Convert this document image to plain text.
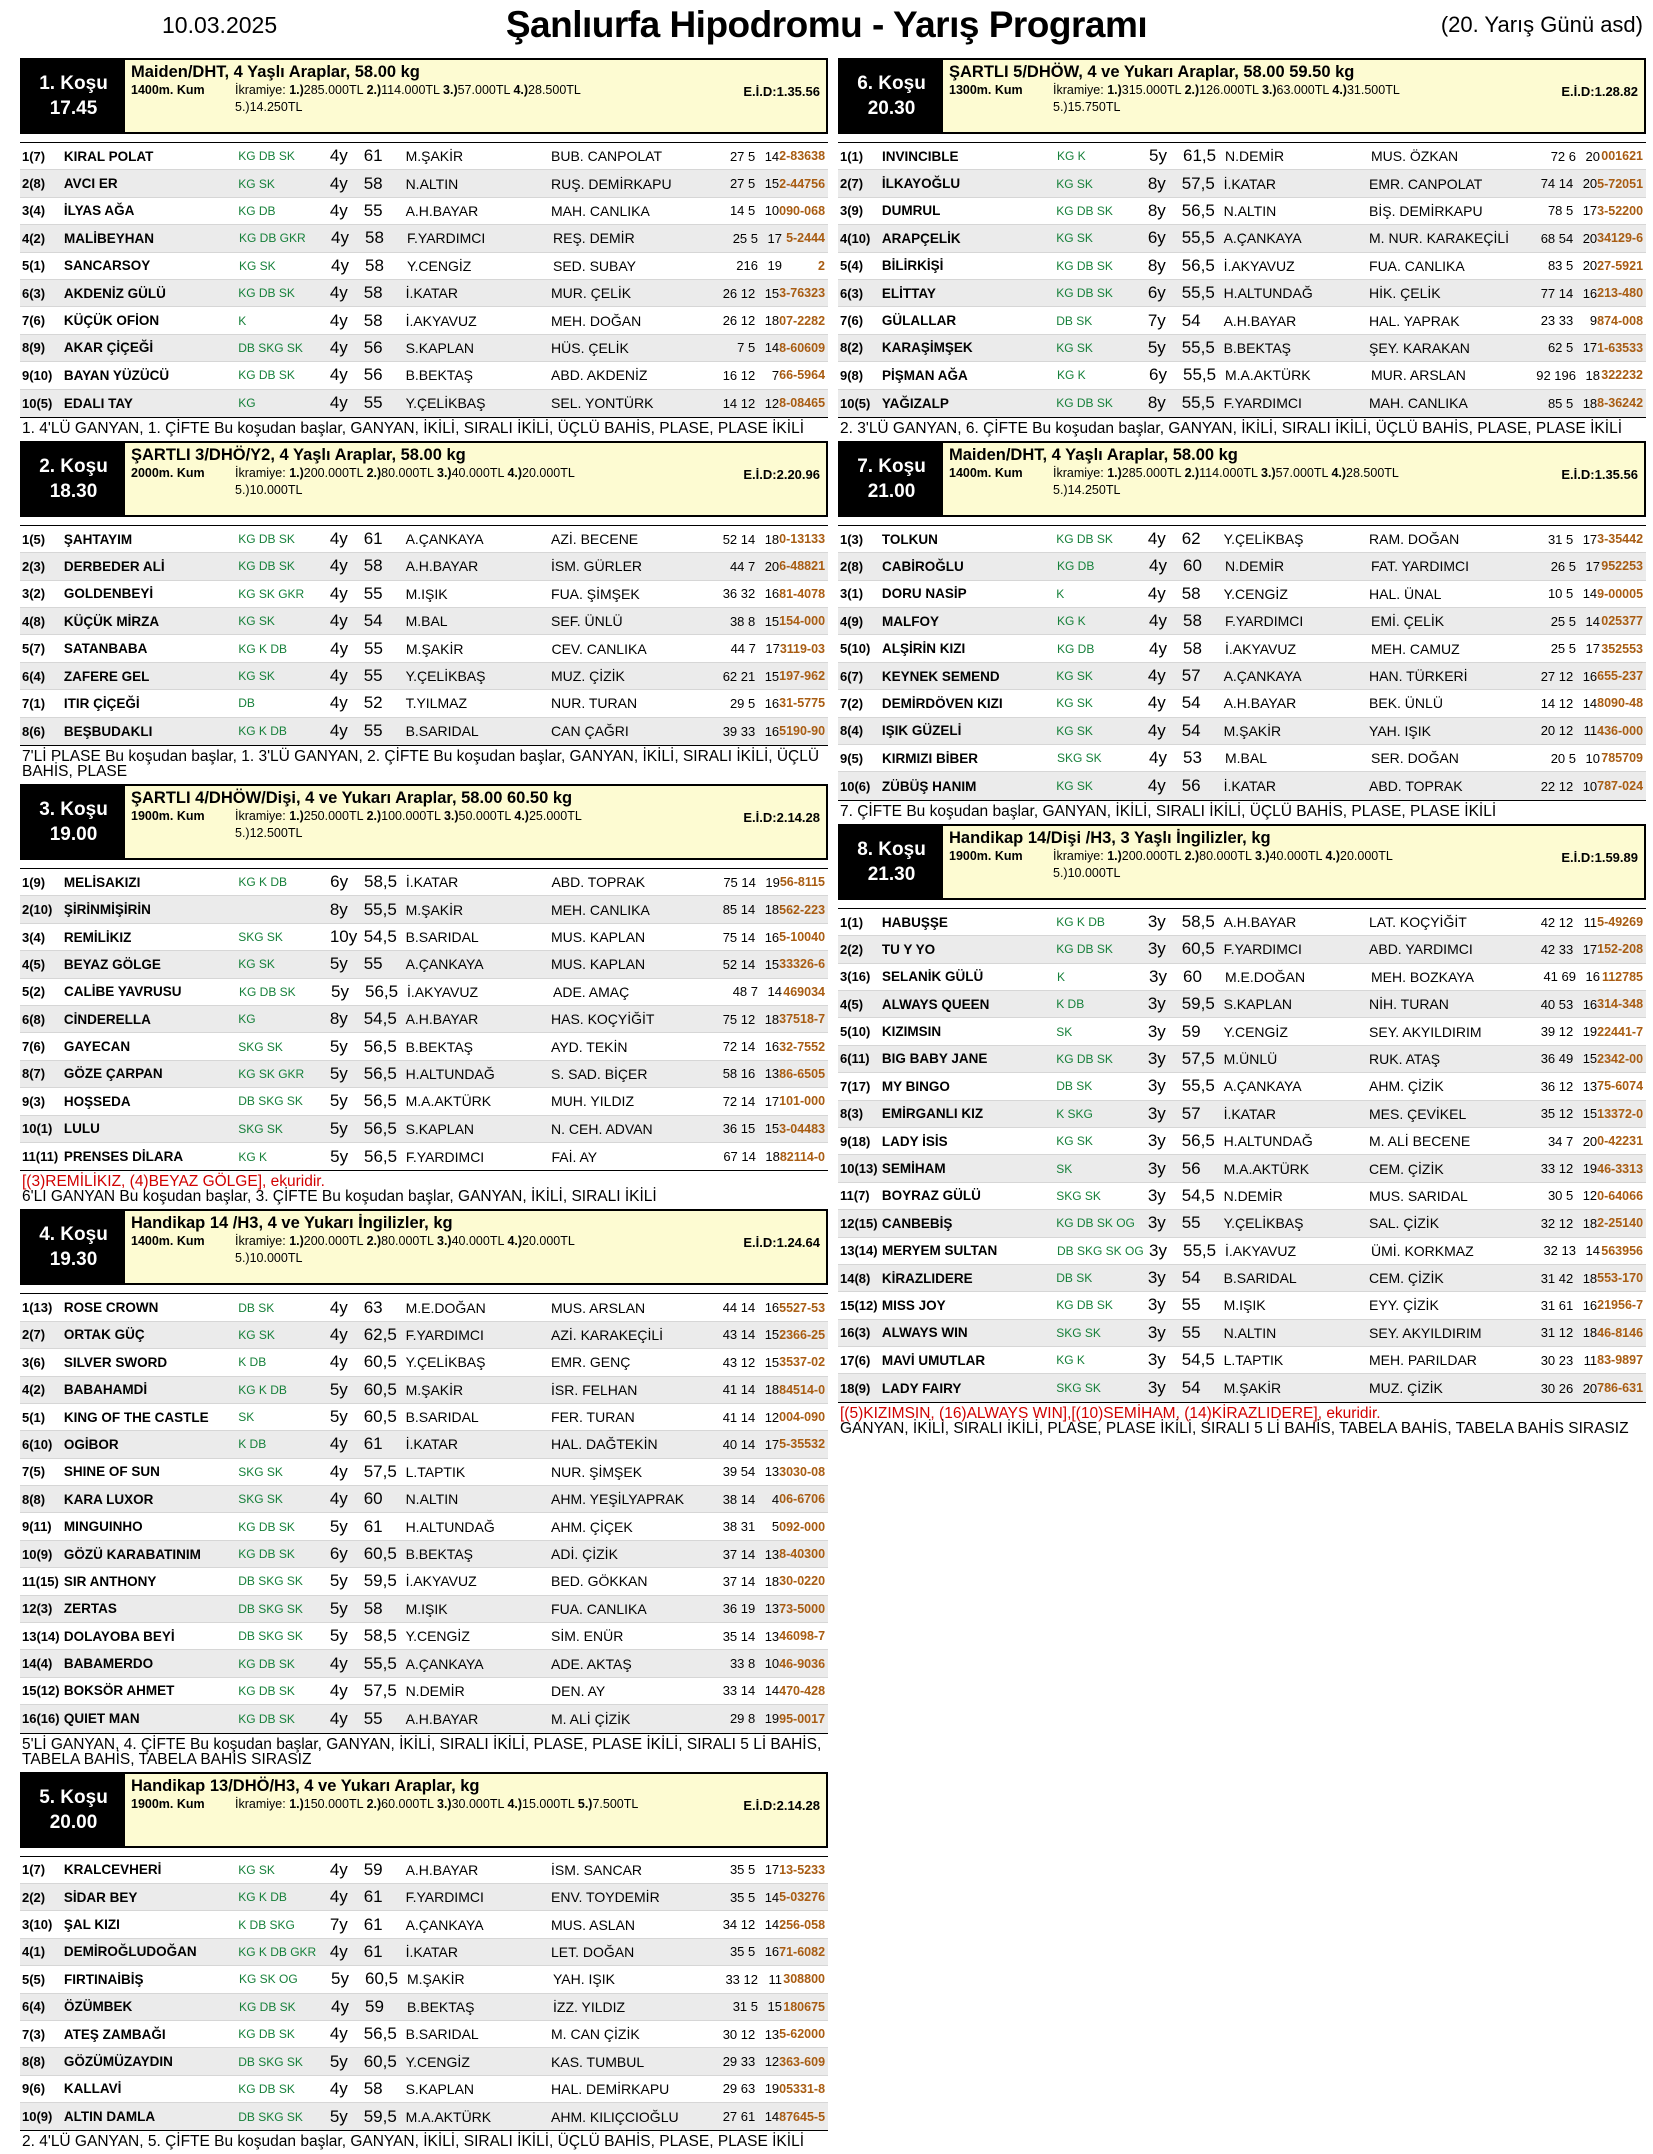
10.03.2025	Şanlıurfa Hipodromu - Yarış Programı	(20. Yarış Günü asd)
1. Koşu
17.45
Maiden/DHT, 4 Yaşlı Araplar, 58.00 kg
1400m. Kum İkramiye: 1.)285.000TL 2.)114.000TL 3.)57.000TL 4.)28.500TL
5.)14.250TL
E.İ.D:1.35.56
1(7)	KIRAL POLAT	KG DB SK	4y 61	M.ŞAKİR	BUB. CANPOLAT	27 5 14 2-83638
2(8)	AVCI ER	KG SK	4y 58	N.ALTIN	RUŞ. DEMİRKAPU	27 5 15 2-44756
3(4)	İLYAS AĞA	KG DB	4y 55	A.H.BAYAR	MAH. CANLIKA	14 5 10 090-068
4(2)	MALİBEYHAN	KG DB GKR	4y 58	F.YARDIMCI	REŞ. DEMİR	25 5 17 5-2444
5(1)	SANCARSOY	KG SK	4y 58	Y.CENGİZ	SED. SUBAY	216 19	2
6(3)	AKDENİZ GÜLÜ	KG DB SK	4y 58	İ.KATAR	MUR. ÇELİK	26 12 15 3-76323
7(6)	KÜÇÜK OFİON	K	4y 58	İ.AKYAVUZ	MEH. DOĞAN	26 12 18 07-2282
8(9)	AKAR ÇİÇEĞİ	DB SKG SK	4y 56	S.KAPLAN	HÜS. ÇELİK	7 5 14 8-60609
9(10) BAYAN YÜZÜCÜ	KG DB SK	4y 56	B.BEKTAŞ	ABD. AKDENİZ	16 12	7 66-5964
10(5) EDALI TAY	KG	4y 55	Y.ÇELİKBAŞ	SEL. YONTÜRK	14 12 12 8-08465
1. 4'LÜ GANYAN, 1. ÇİFTE Bu koşudan başlar, GANYAN, İKİLİ, SIRALI İKİLİ, ÜÇLÜ BAHİS, PLASE, PLASE İKİLİ
2. Koşu
18.30
ŞARTLI 3/DHÖ/Y2, 4 Yaşlı Araplar, 58.00 kg
2000m. Kum İkramiye: 1.)200.000TL 2.)80.000TL 3.)40.000TL 4.)20.000TL
5.)10.000TL
E.İ.D:2.20.96
1(5)	ŞAHTAYIM	KG DB SK	4y 61	A.ÇANKAYA	AZİ. BECENE	52 14 18 0-13133
2(3)	DERBEDER ALİ	KG DB SK	4y 58	A.H.BAYAR	İSM. GÜRLER	44 7 20 6-48821
3(2)	GOLDENBEYİ	KG SK GKR	4y 55	M.IŞIK	FUA. ŞİMŞEK	36 32 16 81-4078
4(8)	KÜÇÜK MİRZA	KG SK	4y 54	M.BAL	SEF. ÜNLÜ	38 8 15 154-000
5(7)	SATANBABA	KG K DB	4y 55	M.ŞAKİR	CEV. CANLIKA	44 7 17 3119-03
6(4)	ZAFERE GEL	KG SK	4y 55	Y.ÇELİKBAŞ	MUZ. ÇİZİK	62 21 15 197-962
7(1)	ITIR ÇİÇEĞİ	DB	4y 52	T.YILMAZ	NUR. TURAN	29 5 16 31-5775
8(6)	BEŞBUDAKLI	KG K DB	4y 55	B.SARIDAL	CAN ÇAĞRI	39 33 16 5190-90
7'Lİ PLASE Bu koşudan başlar, 1. 3'LÜ GANYAN, 2. ÇİFTE Bu koşudan başlar, GANYAN, İKİLİ, SIRALI İKİLİ, ÜÇLÜ BAHİS, PLASE
3. Koşu
19.00
ŞARTLI 4/DHÖW/Dişi, 4 ve Yukarı Araplar, 58.00 60.50 kg
1900m. Kum İkramiye: 1.)250.000TL 2.)100.000TL 3.)50.000TL 4.)25.000TL
5.)12.500TL
E.İ.D:2.14.28
1(9)	MELİSAKIZI	KG K DB	6y 58,5 İ.KATAR	ABD. TOPRAK	75 14 19 56-8115
2(10) ŞİRİNMİŞİRİN	8y 55,5 M.ŞAKİR	MEH. CANLIKA	85 14 18 562-223
3(4)	REMİLİKIZ	SKG SK	10y 54,5 B.SARIDAL	MUS. KAPLAN	75 14 16 5-10040
4(5)	BEYAZ GÖLGE	KG SK	5y 55	A.ÇANKAYA	MUS. KAPLAN	52 14 15 33326-6
5(2)	CALİBE YAVRUSU	KG DB SK	5y 56,5 İ.AKYAVUZ	ADE. AMAÇ	48 7 14 469034
6(8)	CİNDERELLA	KG	8y 54,5 A.H.BAYAR	HAS. KOÇYİĞİT	75 12 18 37518-7
7(6)	GAYECAN	SKG SK	5y 56,5 B.BEKTAŞ	AYD. TEKİN	72 14 16 32-7552
8(7)	GÖZE ÇARPAN	KG SK GKR	5y 56,5 H.ALTUNDAĞ	S. SAD. BİÇER	58 16 13 86-6505
9(3)	HOŞSEDA	DB SKG SK	5y 56,5 M.A.AKTÜRK	MUH. YILDIZ	72 14 17 101-000
10(1) LULU	SKG SK	5y 56,5 S.KAPLAN	N. CEH. ADVAN	36 15 15 3-04483
11(11) PRENSES DİLARA	KG K	5y 56,5 F.YARDIMCI	FAİ. AY	67 14 18 82114-0
[(3)REMİLİKIZ, (4)BEYAZ GÖLGE], ekuridir.
6'LI GANYAN Bu koşudan başlar, 3. ÇİFTE Bu koşudan başlar, GANYAN, İKİLİ, SIRALI İKİLİ
4. Koşu
19.30
Handikap 14 /H3, 4 ve Yukarı İngilizler, kg
1400m. Kum İkramiye: 1.)200.000TL 2.)80.000TL 3.)40.000TL 4.)20.000TL
5.)10.000TL
E.İ.D:1.24.64
1(13) ROSE CROWN	DB SK	4y 63	M.E.DOĞAN	MUS. ARSLAN	44 14 16 5527-53
2(7)	ORTAK GÜÇ	KG SK	4y 62,5 F.YARDIMCI	AZİ. KARAKEÇİLİ	43 14 15 2366-25
3(6)	SILVER SWORD	K DB	4y 60,5 Y.ÇELİKBAŞ	EMR. GENÇ	43 12 15 3537-02
4(2)	BABAHAMDİ	KG K DB	5y 60,5 M.ŞAKİR	İSR. FELHAN	41 14 18 84514-0
5(1)	KING OF THE CASTLE	SK	5y 60,5 B.SARIDAL	FER. TURAN	41 14 12 004-090
6(10) OGİBOR	K DB	4y 61	İ.KATAR	HAL. DAĞTEKİN	40 14 17 5-35532
7(5)	SHINE OF SUN	SKG SK	4y 57,5 L.TAPTIK	NUR. ŞİMŞEK	39 54 13 3030-08
8(8)	KARA LUXOR	SKG SK	4y 60	N.ALTIN	AHM. YEŞİLYAPRAK	38 14	4 06-6706
9(11) MINGUINHO	KG DB SK	5y 61	H.ALTUNDAĞ	AHM. ÇİÇEK	38 31	5 092-000
10(9) GÖZÜ KARABATINIM	KG DB SK	6y 60,5 B.BEKTAŞ	ADİ. ÇİZİK	37 14 13 8-40300
11(15) SIR ANTHONY	DB SKG SK	5y 59,5 İ.AKYAVUZ	BED. GÖKKAN	37 14 18 30-0220
12(3) ZERTAS	DB SKG SK	5y 58	M.IŞIK	FUA. CANLIKA	36 19 13 73-5000
13(14) DOLAYOBA BEYİ	DB SKG SK	5y 58,5 Y.CENGİZ	SİM. ENÜR	35 14 13 46098-7
14(4) BABAMERDO	KG DB SK	4y 55,5 A.ÇANKAYA	ADE. AKTAŞ	33 8 10 46-9036
15(12) BOKSÖR AHMET	KG DB SK	4y 57,5 N.DEMİR	DEN. AY	33 14 14 470-428
16(16) QUIET MAN	KG DB SK	4y 55	A.H.BAYAR	M. ALİ ÇİZİK	29 8 19 95-0017
5'Lİ GANYAN, 4. ÇİFTE Bu koşudan başlar, GANYAN, İKİLİ, SIRALI İKİLİ, PLASE, PLASE İKİLİ, SIRALI 5 Lİ BAHİS, TABELA BAHİS, TABELA BAHİS SIRASIZ
5. Koşu
20.00
Handikap 13/DHÖ/H3, 4 ve Yukarı Araplar, kg
1900m. Kum İkramiye: 1.)150.000TL 2.)60.000TL 3.)30.000TL 4.)15.000TL 5.)7.500TL	E.İ.D:2.14.28
1(7)	KRALCEVHERİ	KG SK	4y 59	A.H.BAYAR	İSM. SANCAR	35 5 17 13-5233
2(2)	SİDAR BEY	KG K DB	4y 61	F.YARDIMCI	ENV. TOYDEMİR	35 5 14 5-03276
3(10) ŞAL KIZI	K DB SKG	7y 61	A.ÇANKAYA	MUS. ASLAN	34 12 14 256-058
4(1)	DEMİROĞLUDOĞAN	KG K DB GKR 4y 61	İ.KATAR	LET. DOĞAN	35 5 16 71-6082
5(5)	FIRTINAİBİŞ	KG SK OG	5y 60,5 M.ŞAKİR	YAH. IŞIK	33 12 11 308800
6(4)	ÖZÜMBEK	KG DB SK	4y 59	B.BEKTAŞ	İZZ. YILDIZ	31 5 15 180675
7(3)	ATEŞ ZAMBAĞI	KG DB SK	4y 56,5 B.SARIDAL	M. CAN ÇİZİK	30 12 13 5-62000
8(8)	GÖZÜMÜZAYDIN	DB SKG SK	5y 60,5 Y.CENGİZ	KAS. TUMBUL	29 33 12 363-609
9(6)	KALLAVİ	KG DB SK	4y 58	S.KAPLAN	HAL. DEMİRKAPU	29 63 19 05331-8
10(9) ALTIN DAMLA	DB SKG SK	5y 59,5 M.A.AKTÜRK	AHM. KILIÇCIOĞLU	27 61 14 87645-5
2. 4'LÜ GANYAN, 5. ÇİFTE Bu koşudan başlar, GANYAN, İKİLİ, SIRALI İKİLİ, ÜÇLÜ BAHİS, PLASE, PLASE İKİLİ
6. Koşu
20.30
ŞARTLI 5/DHÖW, 4 ve Yukarı Araplar, 58.00 59.50 kg
1300m. Kum İkramiye: 1.)315.000TL 2.)126.000TL 3.)63.000TL 4.)31.500TL
5.)15.750TL
E.İ.D:1.28.82
1(1)	INVINCIBLE	KG K	5y 61,5 N.DEMİR	MUS. ÖZKAN	72 6 20 001621
2(7)	İLKAYOĞLU	KG SK	8y 57,5 İ.KATAR	EMR. CANPOLAT	74 14 20 5-72051
3(9)	DUMRUL	KG DB SK	8y 56,5 N.ALTIN	BİŞ. DEMİRKAPU	78 5 17 3-52200
4(10) ARAPÇELİK	KG SK	6y 55,5 A.ÇANKAYA	M. NUR. KARAKEÇİLİ	68 54 20 34129-6
5(4)	BİLİRKİŞİ	KG DB SK	8y 56,5 İ.AKYAVUZ	FUA. CANLIKA	83 5 20 27-5921
6(3)	ELİTTAY	KG DB SK	6y 55,5 H.ALTUNDAĞ	HİK. ÇELİK	77 14 16 213-480
7(6)	GÜLALLAR	DB SK	7y 54	A.H.BAYAR	HAL. YAPRAK	23 33	9 874-008
8(2)	KARAŞİMŞEK	KG SK	5y 55,5 B.BEKTAŞ	ŞEY. KARAKAN	62 5 17 1-63533
9(8)	PİŞMAN AĞA	KG K	6y 55,5 M.A.AKTÜRK	MUR. ARSLAN	92 196 18 322232
10(5) YAĞIZALP	KG DB SK	8y 55,5 F.YARDIMCI	MAH. CANLIKA	85 5 18 8-36242
2. 3'LÜ GANYAN, 6. ÇİFTE Bu koşudan başlar, GANYAN, İKİLİ, SIRALI İKİLİ, ÜÇLÜ BAHİS, PLASE, PLASE İKİLİ
7. Koşu
21.00
Maiden/DHT, 4 Yaşlı Araplar, 58.00 kg
1400m. Kum İkramiye: 1.)285.000TL 2.)114.000TL 3.)57.000TL 4.)28.500TL
5.)14.250TL
E.İ.D:1.35.56
1(3)	TOLKUN	KG DB SK	4y 62	Y.ÇELİKBAŞ	RAM. DOĞAN	31 5 17 3-35442
2(8)	CABİROĞLU	KG DB	4y 60	N.DEMİR	FAT. YARDIMCI	26 5 17 952253
3(1)	DORU NASİP	K	4y 58	Y.CENGİZ	HAL. ÜNAL	10 5 14 9-00005
4(9)	MALFOY	KG K	4y 58	F.YARDIMCI	EMİ. ÇELİK	25 5 14 025377
5(10) ALŞİRİN KIZI	KG DB	4y 58	İ.AKYAVUZ	MEH. CAMUZ	25 5 17 352553
6(7)	KEYNEK SEMEND	KG SK	4y 57	A.ÇANKAYA	HAN. TÜRKERİ	27 12 16 655-237
7(2)	DEMİRDÖVEN KIZI	KG SK	4y 54	A.H.BAYAR	BEK. ÜNLÜ	14 12 14 8090-48
8(4)	IŞIK GÜZELİ	KG SK	4y 54	M.ŞAKİR	YAH. IŞIK	20 12 11 436-000
9(5)	KIRMIZI BİBER	SKG SK	4y 53	M.BAL	SER. DOĞAN	20 5 10 785709
10(6) ZÜBÜŞ HANIM	KG SK	4y 56	İ.KATAR	ABD. TOPRAK	22 12 10 787-024
7. ÇİFTE Bu koşudan başlar, GANYAN, İKİLİ, SIRALI İKİLİ, ÜÇLÜ BAHİS, PLASE, PLASE İKİLİ
8. Koşu
21.30
Handikap 14/Dişi /H3, 3 Yaşlı İngilizler, kg
1900m. Kum İkramiye: 1.)200.000TL 2.)80.000TL 3.)40.000TL 4.)20.000TL
5.)10.000TL
E.İ.D:1.59.89
1(1)	HABUŞŞE	KG K DB	3y 58,5 A.H.BAYAR	LAT. KOÇYİĞİT	42 12 11 5-49269
2(2)	TU Y YO	KG DB SK	3y 60,5 F.YARDIMCI	ABD. YARDIMCI	42 33 17 152-208
3(16) SELANİK GÜLÜ	K	3y 60	M.E.DOĞAN	MEH. BOZKAYA	41 69 16 112785
4(5)	ALWAYS QUEEN	K DB	3y 59,5 S.KAPLAN	NİH. TURAN	40 53 16 314-348
5(10) KIZIMSIN	SK	3y 59	Y.CENGİZ	SEY. AKYILDIRIM	39 12 19 22441-7
6(11) BIG BABY JANE	KG DB SK	3y 57,5 M.ÜNLÜ	RUK. ATAŞ	36 49 15 2342-00
7(17) MY BINGO	DB SK	3y 55,5 A.ÇANKAYA	AHM. ÇİZİK	36 12 13 75-6074
8(3)	EMİRGANLI KIZ	K SKG	3y 57	İ.KATAR	MES. ÇEVİKEL	35 12 15 13372-0
9(18) LADY İSİS	KG SK	3y 56,5 H.ALTUNDAĞ	M. ALİ BECENE	34 7 20 0-42231
10(13) SEMİHAM	SK	3y 56	M.A.AKTÜRK	CEM. ÇİZİK	33 12 19 46-3313
11(7) BOYRAZ GÜLÜ	SKG SK	3y 54,5 N.DEMİR	MUS. SARIDAL	30 5 12 0-64066
12(15) CANBEBİŞ	KG DB SK OG 3y 55	Y.ÇELİKBAŞ	SAL. ÇİZİK	32 12 18 2-25140
13(14) MERYEM SULTAN	DB SKG SK OG 3y 55,5 İ.AKYAVUZ	ÜMİ. KORKMAZ	32 13 14 563956
14(8) KİRAZLIDERE	DB SK	3y 54	B.SARIDAL	CEM. ÇİZİK	31 42 18 553-170
15(12) MISS JOY	KG DB SK	3y 55	M.IŞIK	EYY. ÇİZİK	31 61 16 21956-7
16(3) ALWAYS WIN	SKG SK	3y 55	N.ALTIN	SEY. AKYILDIRIM	31 12 18 46-8146
17(6) MAVİ UMUTLAR	KG K	3y 54,5 L.TAPTIK	MEH. PARILDAR	30 23 11 83-9897
18(9) LADY FAIRY	SKG SK	3y 54	M.ŞAKİR	MUZ. ÇİZİK	30 26 20 786-631
[(5)KIZIMSIN, (16)ALWAYS WIN],[(10)SEMİHAM, (14)KİRAZLIDERE], ekuridir.
GANYAN, İKİLİ, SIRALI İKİLİ, PLASE, PLASE İKİLİ, SIRALI 5 Lİ BAHİS, TABELA BAHİS, TABELA BAHİS SIRASIZ
